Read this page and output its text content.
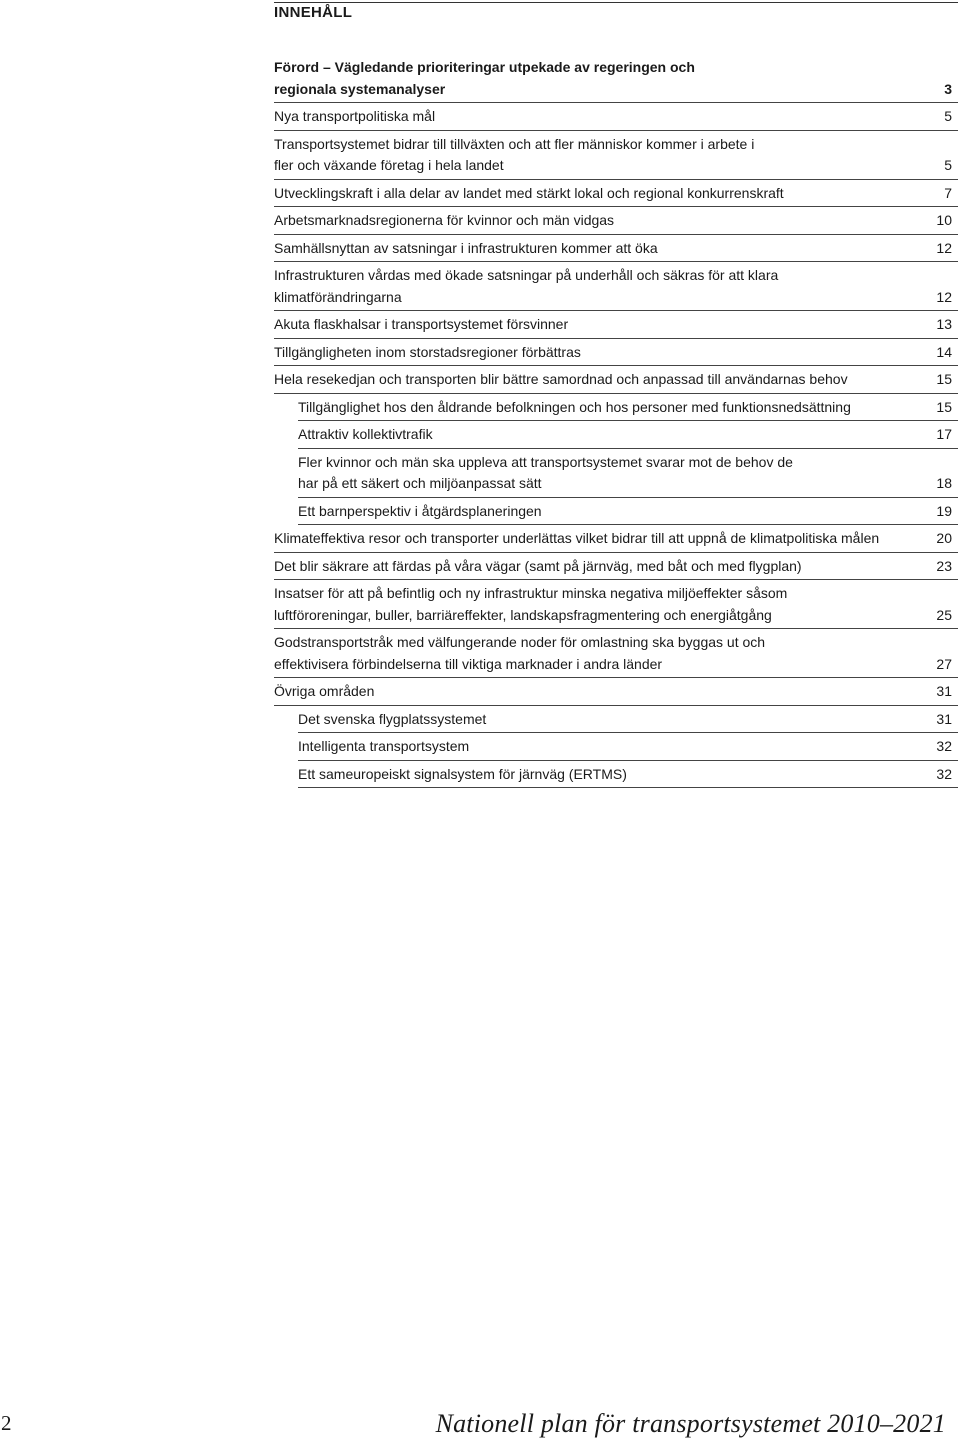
INNEHÅLL
Förord – Vägledande prioriteringar utpekade av regeringen och regionala systemanalyser	3
Nya transportpolitiska mål	5
Transportsystemet bidrar till tillväxten och att fler människor kommer i arbete i fler och växande företag i hela landet	5
Utvecklingskraft i alla delar av landet med stärkt lokal och regional konkurrenskraft	7
Arbetsmarknadsregionerna för kvinnor och män vidgas	10
Samhällsnyttan av satsningar i infrastrukturen kommer att öka	12
Infrastrukturen vårdas med ökade satsningar på underhåll och säkras för att klara klimatförändringarna	12
Akuta flaskhalsar i transportsystemet försvinner	13
Tillgängligheten inom storstadsregioner förbättras	14
Hela resekedjan och transporten blir bättre samordnad och anpassad till användarnas behov	15
Tillgänglighet hos den åldrande befolkningen och hos personer med funktionsnedsättning	15
Attraktiv kollektivtrafik	17
Fler kvinnor och män ska uppleva att transportsystemet svarar mot de behov de har på ett säkert och miljöanpassat sätt	18
Ett barnperspektiv i åtgärdsplaneringen	19
Klimateffektiva resor och transporter underlättas vilket bidrar till att uppnå de klimatpolitiska målen	20
Det blir säkrare att färdas på våra vägar (samt på järnväg, med båt och med flygplan)	23
Insatser för att på befintlig och ny infrastruktur minska negativa miljöeffekter såsom luftföroreningar, buller, barriäreffekter, landskapsfragmentering och energiåtgång	25
Godstransportstråk med välfungerande noder för omlastning ska byggas ut och effektivisera förbindelserna till viktiga marknader i andra länder	27
Övriga områden	31
Det svenska flygplatssystemet	31
Intelligenta transportsystem	32
Ett sameuropeiskt signalsystem för järnväg (ERTMS)	32
2	Nationell plan för transportsystemet 2010–2021
